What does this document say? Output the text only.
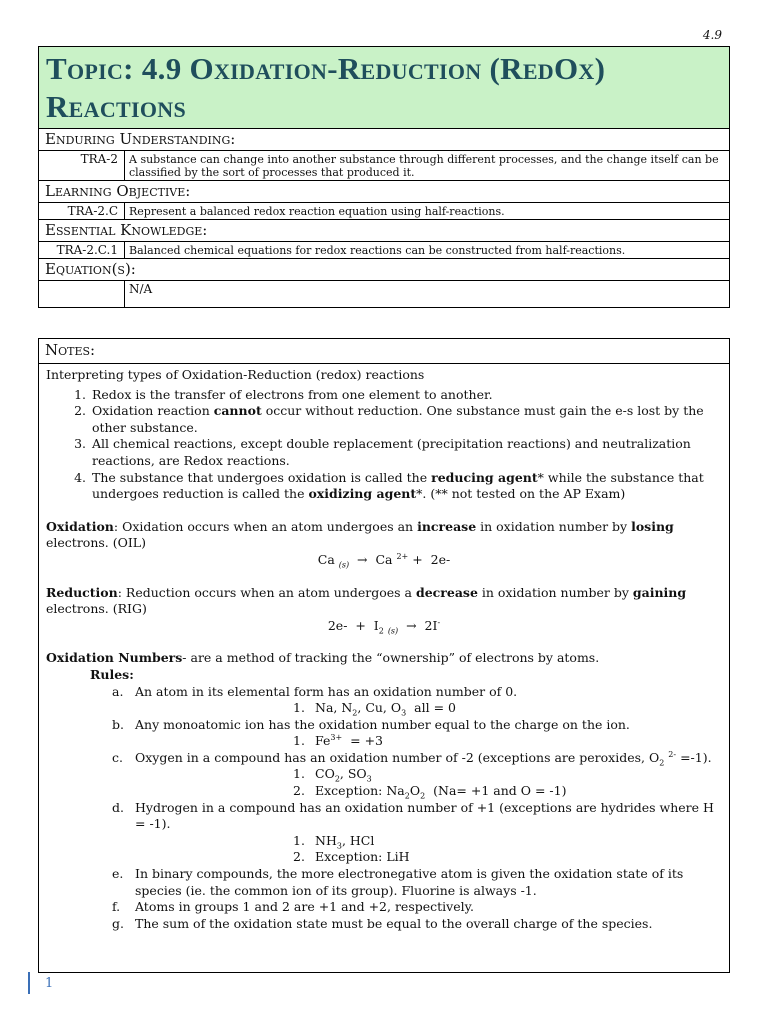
4.9
Topic: 4.9 Oxidation-Reduction (RedOx) Reactions
Enduring Understanding:
TRA-2	A substance can change into another substance through different processes, and the change itself can be classified by the sort of processes that produced it.
Learning Objective:
TRA-2.C	Represent a balanced redox reaction equation using half-reactions.
Essential Knowledge:
TRA-2.C.1	Balanced chemical equations for redox reactions can be constructed from half-reactions.
Equation(s):
N/A
Notes:

Interpreting types of Oxidation-Reduction (redox) reactions

1. Redox is the transfer of electrons from one element to another.
2. Oxidation reaction cannot occur without reduction. One substance must gain the e-s lost by the other substance.
3. All chemical reactions, except double replacement (precipitation reactions) and neutralization reactions, are Redox reactions.
4. The substance that undergoes oxidation is called the reducing agent* while the substance that undergoes reduction is called the oxidizing agent*. (** not tested on the AP Exam)

Oxidation: Oxidation occurs when an atom undergoes an increase in oxidation number by losing electrons. (OIL)

Ca $_{(s)}$  →  Ca $^{2+}$ +  2e-

Reduction: Reduction occurs when an atom undergoes a decrease in oxidation number by gaining electrons. (RIG)

$2e- + I_2$ $_{(s)}$  →  2I-

Oxidation Numbers- are a method of tracking the “ownership” of electrons by atoms.

Rules:
a. An atom in its elemental form has an oxidation number of 0.
1. Na, $N_2$, Cu, $O_3$  all = 0
b. Any monoatomic ion has the oxidation number equal to the charge on the ion.
1. $Fe^{3+} = +3$
c. Oxygen in a compound has an oxidation number of -2 (exceptions are peroxides, $O_2$ $^{2-}$ =-1).
1. $CO_2$, $SO_3$
2. Exception: $Na_2O_2$  (Na= +1 and O = -1)
d. Hydrogen in a compound has an oxidation number of +1 (exceptions are hydrides where H = -1).
1. $NH_3$, HCl
2. Exception: LiH
e. In binary compounds, the more electronegative atom is given the oxidation state of its species (ie. the common ion of its group). Fluorine is always -1.
f. Atoms in groups 1 and 2 are +1 and +2, respectively.
g. The sum of the oxidation state must be equal to the overall charge of the species.
1
